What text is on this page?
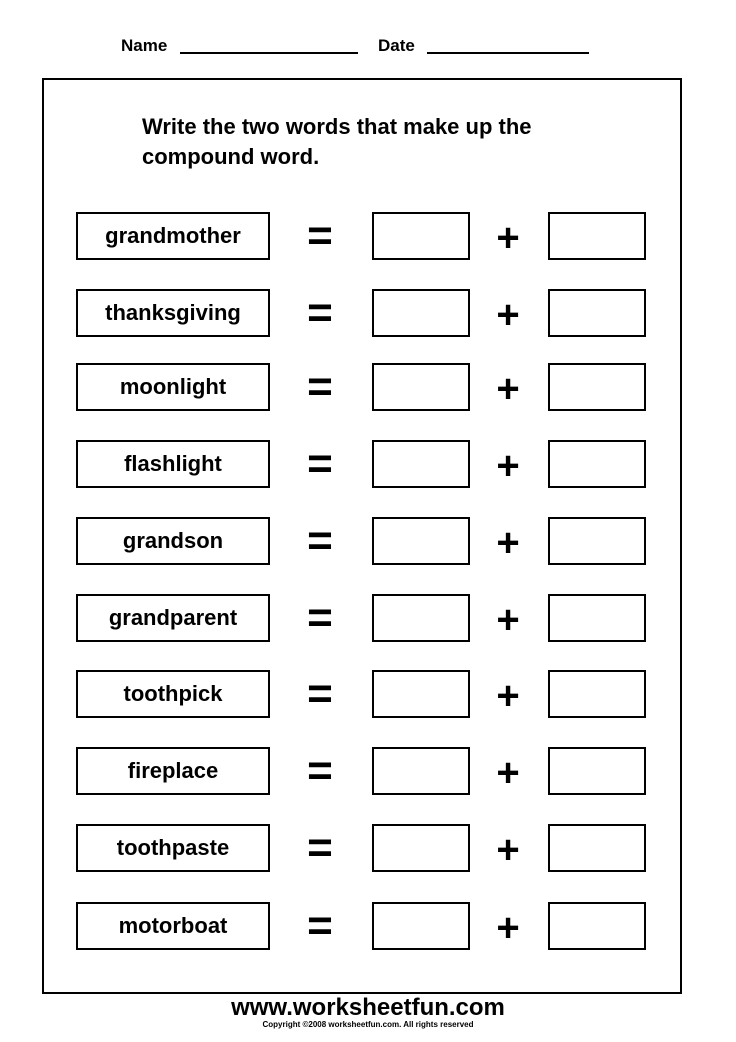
Name	Date
Write the two words that make up the compound word.
grandmother	=	+
thanksgiving	=	+
moonlight	=	+
flashlight	=	+
grandson	=	+
grandparent	=	+
toothpick	=	+
fireplace	=	+
toothpaste	=	+
motorboat	=	+
www.worksheetfun.com
Copyright ©2008 worksheetfun.com. All rights reserved
